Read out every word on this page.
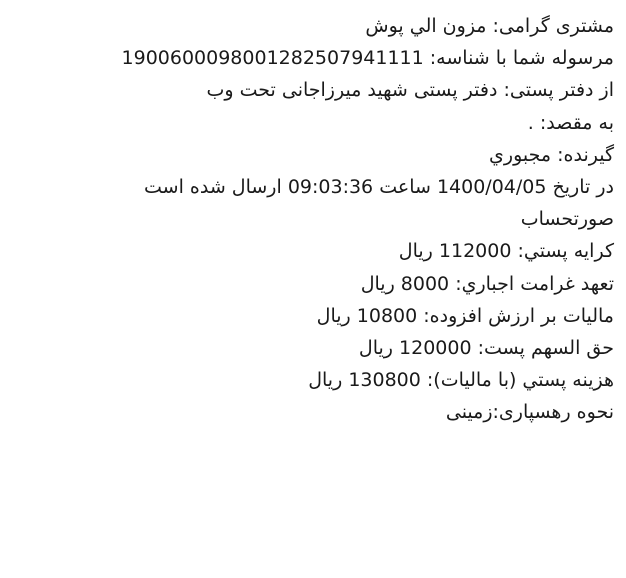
مشتری گرامی: مزون الي پوش
مرسوله شما با شناسه: 1900600098001282507941111
از دفتر پستی: دفتر پستی شهید میرزاجانی تحت وب
به مقصد: .
گیرنده: مجبوري
در تاریخ 1400/04/05 ساعت 09:03:36 ارسال شده است
صورتحساب
كرايه پستي: 112000 ريال
تعهد غرامت اجباري: 8000 ريال
ماليات بر ارزش افزوده: 10800 ريال
حق السهم پست: 120000 ريال
هزينه پستي (با ماليات): 130800 ريال
نحوه رهسپاری:زمینی
